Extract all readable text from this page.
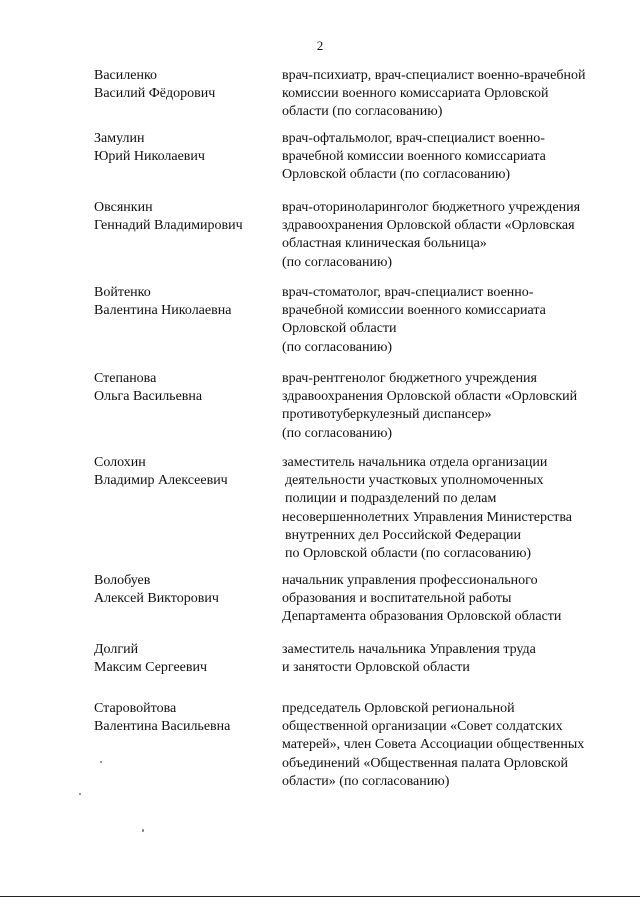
2
Василенко
Василий Фёдорович
врач-психиатр, врач-специалист военно-врачебной
комиссии военного комиссариата Орловской
области (по согласованию)
Замулин
Юрий Николаевич
врач-офтальмолог, врач-специалист военно-
врачебной комиссии военного комиссариата
Орловской области (по согласованию)
Овсянкин
Геннадий Владимирович
врач-оториноларинголог бюджетного учреждения
здравоохранения Орловской области «Орловская
областная клиническая больница»
(по согласованию)
Войтенко
Валентина Николаевна
врач-стоматолог, врач-специалист военно-
врачебной комиссии военного комиссариата
Орловской области
(по согласованию)
Степанова
Ольга Васильевна
врач-рентгенолог бюджетного учреждения
здравоохранения Орловской области «Орловский
противотуберкулезный диспансер»
(по согласованию)
Солохин
Владимир Алексеевич
заместитель начальника отдела организации
деятельности участковых уполномоченных
полиции и подразделений по делам
несовершеннолетних Управления Министерства
внутренних дел Российской Федерации
по Орловской области (по согласованию)
Волобуев
Алексей Викторович
начальник управления профессионального
образования и воспитательной работы
Департамента образования Орловской области
Долгий
Максим Сергеевич
заместитель начальника Управления труда
и занятости Орловской области
Старовойтова
Валентина Васильевна
председатель Орловской региональной
общественной организации «Совет солдатских
матерей», член Совета Ассоциации общественных
объединений «Общественная палата Орловской
области» (по согласованию)
